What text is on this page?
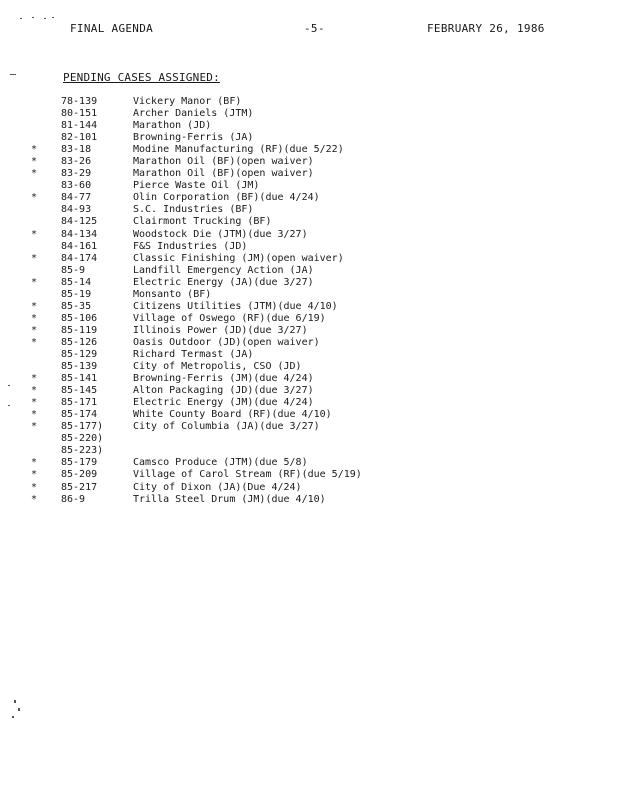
FINAL AGENDA	-5-	FEBRUARY 26, 1986
PENDING CASES ASSIGNED:
78-139	Vickery Manor (BF)
80-151	Archer Daniels (JTM)
81-144	Marathon (JD)
82-101	Browning-Ferris (JA)
* 83-18	Modine Manufacturing (RF)(due 5/22)
* 83-26	Marathon Oil (BF)(open waiver)
* 83-29	Marathon Oil (BF)(open waiver)
83-60	Pierce Waste Oil (JM)
* 84-77	Olin Corporation (BF)(due 4/24)
84-93	S.C. Industries (BF)
84-125	Clairmont Trucking (BF)
* 84-134	Woodstock Die (JTM)(due 3/27)
84-161	F&S Industries (JD)
* 84-174	Classic Finishing (JM)(open waiver)
85-9	Landfill Emergency Action (JA)
* 85-14	Electric Energy (JA)(due 3/27)
85-19	Monsanto (BF)
* 85-35	Citizens Utilities (JTM)(due 4/10)
* 85-106	Village of Oswego (RF)(due 6/19)
* 85-119	Illinois Power (JD)(due 3/27)
* 85-126	Oasis Outdoor (JD)(open waiver)
85-129	Richard Termast (JA)
85-139	City of Metropolis, CSO (JD)
* 85-141	Browning-Ferris (JM)(due 4/24)
* 85-145	Alton Packaging (JD)(due 3/27)
* 85-171	Electric Energy (JM)(due 4/24)
* 85-174	White County Board (RF)(due 4/10)
* 85-177)	City of Columbia (JA)(due 3/27)
85-220)
85-223)
* 85-179	Camsco Produce (JTM)(due 5/8)
* 85-209	Village of Carol Stream (RF)(due 5/19)
* 85-217	City of Dixon (JA)(Due 4/24)
* 86-9	Trilla Steel Drum (JM)(due 4/10)
